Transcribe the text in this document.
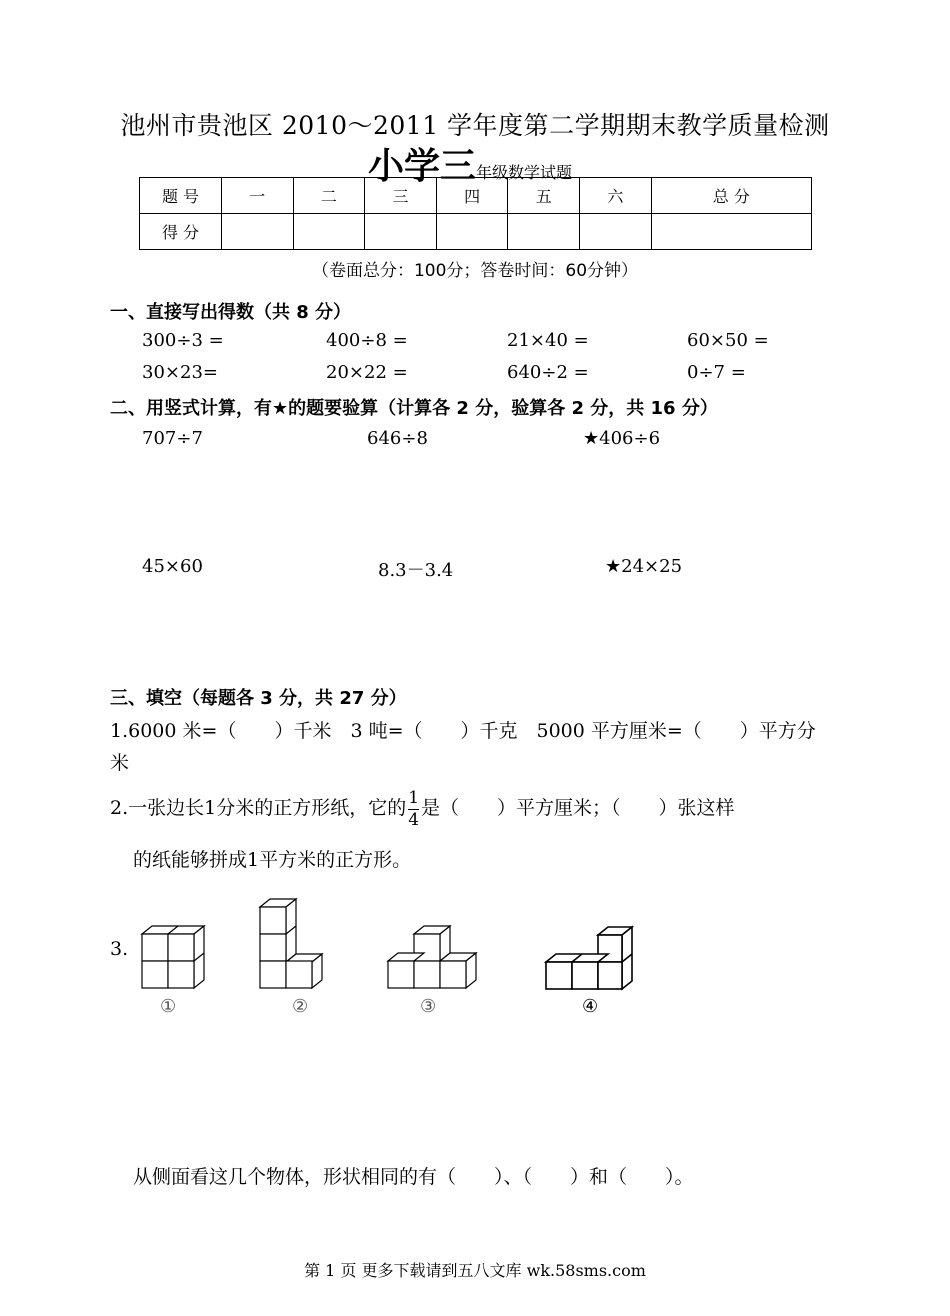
池州市贵池区 2010～2011 学年度第二学期期末教学质量检测
小学三年级数学试题
题 号	一	二	三	四	五	六	总 分
得 分							
（卷面总分：100分；答卷时间：60分钟）
一、直接写出得数（共 8 分）
300÷3 =	400÷8 =	21×40 =	60×50 =
30×23=	20×22 =	640÷2 =	0÷7 =
二、用竖式计算，有★的题要验算（计算各 2 分，验算各 2 分，共 16 分）
707÷7	646÷8	★406÷6
45×60	8.3－3.4	★24×25
三、填空（每题各 3 分，共 27 分）
1.6000 米=（　　）千米　3 吨=（　　）千克　5000 平方厘米=（　　）平方分
米
2.一张边长1分米的正方形纸，它的 $\frac{1}{4}$ 是（　　）平方厘米；（　　）张这样
的纸能够拼成1平方米的正方形。
3.
①	②	③	④
从侧面看这几个物体，形状相同的有（　　）、（　　）和（　　）。
第 1 页 更多下载请到五八文库 wk.58sms.com
